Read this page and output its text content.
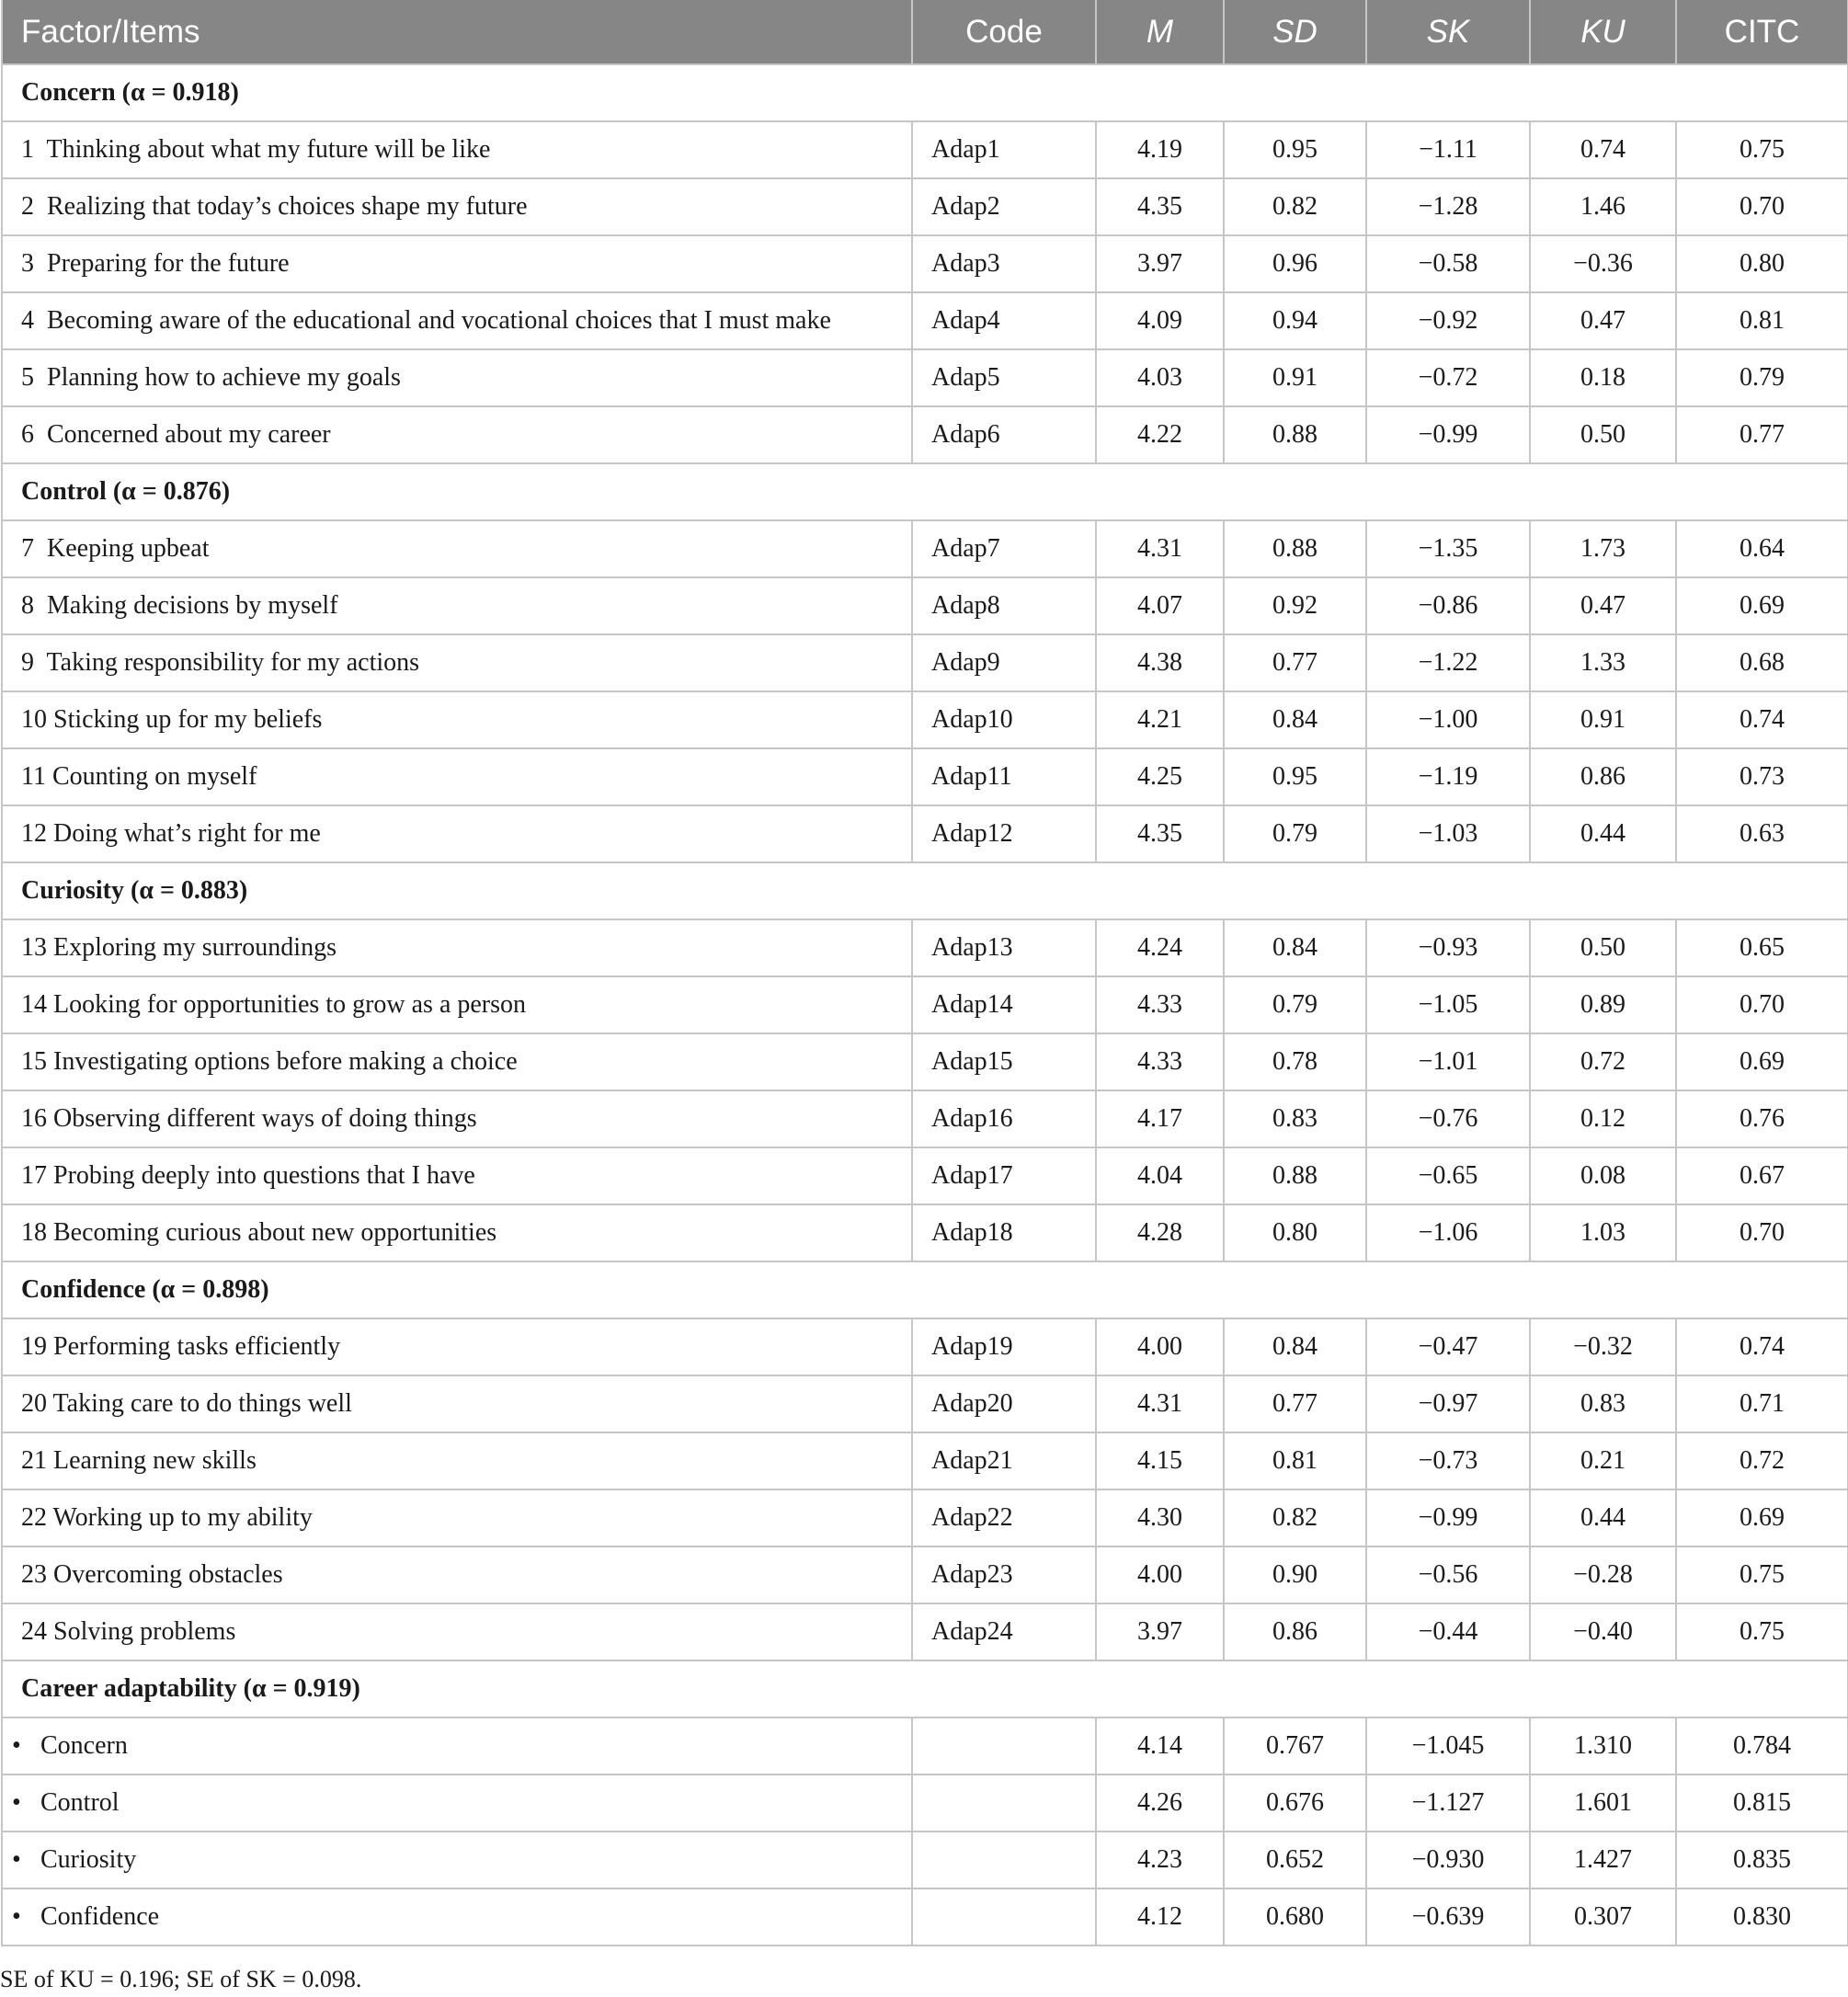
Factor/Items	Code	M	SD	SK	KU	CITC
Concern (α = 0.918)						
1  Thinking about what my future will be like	Adap1	4.19	0.95	−1.11	0.74	0.75
2  Realizing that today’s choices shape my future	Adap2	4.35	0.82	−1.28	1.46	0.70
3  Preparing for the future	Adap3	3.97	0.96	−0.58	−0.36	0.80
4  Becoming aware of the educational and vocational choices that I must make	Adap4	4.09	0.94	−0.92	0.47	0.81
5  Planning how to achieve my goals	Adap5	4.03	0.91	−0.72	0.18	0.79
6  Concerned about my career	Adap6	4.22	0.88	−0.99	0.50	0.77
Control (α = 0.876)						
7  Keeping upbeat	Adap7	4.31	0.88	−1.35	1.73	0.64
8  Making decisions by myself	Adap8	4.07	0.92	−0.86	0.47	0.69
9  Taking responsibility for my actions	Adap9	4.38	0.77	−1.22	1.33	0.68
10 Sticking up for my beliefs	Adap10	4.21	0.84	−1.00	0.91	0.74
11 Counting on myself	Adap11	4.25	0.95	−1.19	0.86	0.73
12 Doing what’s right for me	Adap12	4.35	0.79	−1.03	0.44	0.63
Curiosity (α = 0.883)						
13 Exploring my surroundings	Adap13	4.24	0.84	−0.93	0.50	0.65
14 Looking for opportunities to grow as a person	Adap14	4.33	0.79	−1.05	0.89	0.70
15 Investigating options before making a choice	Adap15	4.33	0.78	−1.01	0.72	0.69
16 Observing different ways of doing things	Adap16	4.17	0.83	−0.76	0.12	0.76
17 Probing deeply into questions that I have	Adap17	4.04	0.88	−0.65	0.08	0.67
18 Becoming curious about new opportunities	Adap18	4.28	0.80	−1.06	1.03	0.70
Confidence (α = 0.898)						
19 Performing tasks efficiently	Adap19	4.00	0.84	−0.47	−0.32	0.74
20 Taking care to do things well	Adap20	4.31	0.77	−0.97	0.83	0.71
21 Learning new skills	Adap21	4.15	0.81	−0.73	0.21	0.72
22 Working up to my ability	Adap22	4.30	0.82	−0.99	0.44	0.69
23 Overcoming obstacles	Adap23	4.00	0.90	−0.56	−0.28	0.75
24 Solving problems	Adap24	3.97	0.86	−0.44	−0.40	0.75
Career adaptability (α = 0.919)						
• Concern		4.14	0.767	−1.045	1.310	0.784
• Control		4.26	0.676	−1.127	1.601	0.815
• Curiosity		4.23	0.652	−0.930	1.427	0.835
• Confidence		4.12	0.680	−0.639	0.307	0.830
SE of KU = 0.196; SE of SK = 0.098.
